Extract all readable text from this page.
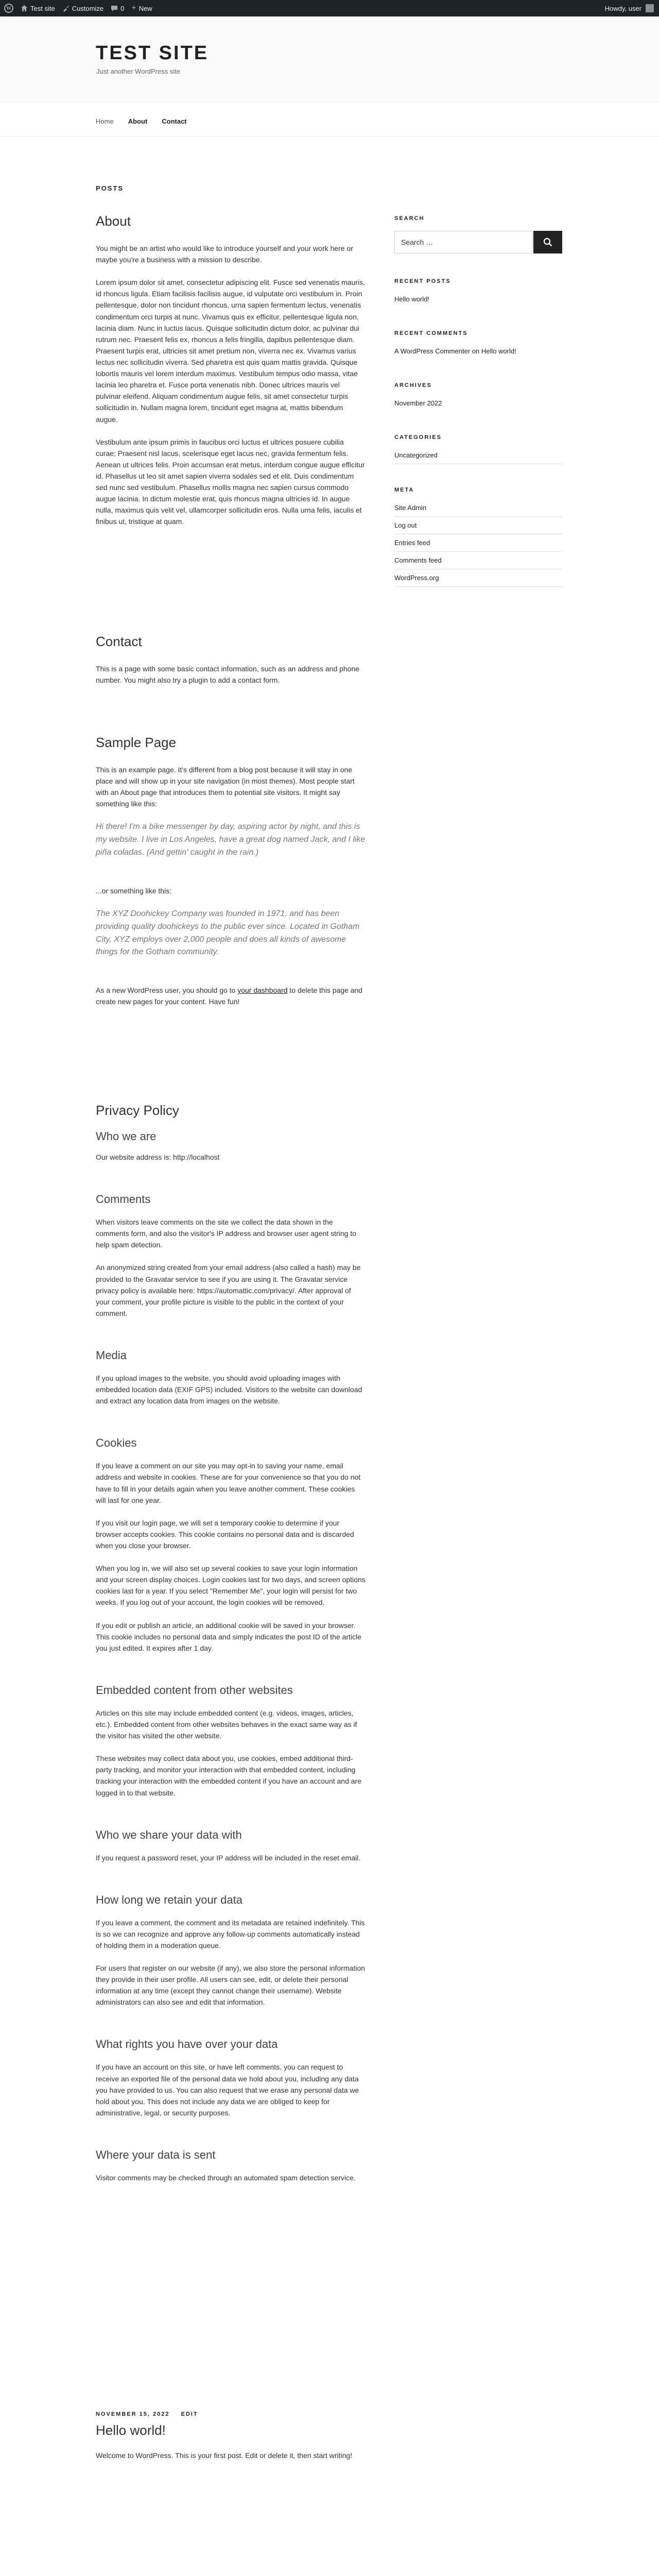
W	Test site	Customize	0 + New	Howdy, user
TEST SITE
Just another WordPress site
Home About Contact
POSTS
About

You might be an artist who would like to introduce yourself and your work here or maybe you're a business with a mission to describe.

Lorem ipsum dolor sit amet, consectetur adipiscing elit. Fusce sed venenatis mauris, id rhoncus ligula. Etiam facilisis facilisis augue, id vulputate orci vestibulum in. Proin pellentesque, dolor non tincidunt rhoncus, urna sapien fermentum lectus, venenatis condimentum orci turpis at nunc. Vivamus quis ex efficitur, pellentesque ligula non, lacinia diam. Nunc in luctus lacus. Quisque sollicitudin dictum dolor, ac pulvinar dui rutrum nec. Praesent felis ex, rhoncus a felis fringilla, dapibus pellentesque diam. Praesent turpis erat, ultricies sit amet pretium non, viverra nec ex. Vivamus varius lectus nec sollicitudin viverra. Sed pharetra est quis quam mattis gravida. Quisque lobortis mauris vel lorem interdum maximus. Vestibulum tempus odio massa, vitae lacinia leo pharetra et. Fusce porta venenatis nibh. Donec ultrices mauris vel pulvinar eleifend. Aliquam condimentum augue felis, sit amet consectetur turpis sollicitudin in. Nullam magna lorem, tincidunt eget magna at, mattis bibendum augue.

Vestibulum ante ipsum primis in faucibus orci luctus et ultrices posuere cubilia curae; Praesent nisl lacus, scelerisque eget lacus nec, gravida fermentum felis. Aenean ut ultrices felis. Proin accumsan erat metus, interdum congue augue efficitur id. Phasellus ut leo sit amet sapien viverra sodales sed et elit. Duis condimentum sed nunc sed vestibulum. Phasellus mollis magna nec sapien cursus commodo augue lacinia. In dictum molestie erat, quis rhoncus magna ultricies id. In augue nulla, maximus quis velit vel, ullamcorper sollicitudin eros. Nulla urna felis, iaculis et finibus ut, tristique at quam.

Contact

This is a page with some basic contact information, such as an address and phone number. You might also try a plugin to add a contact form.

Sample Page

This is an example page. It's different from a blog post because it will stay in one place and will show up in your site navigation (in most themes). Most people start with an About page that introduces them to potential site visitors. It might say something like this:

Hi there! I'm a bike messenger by day, aspiring actor by night, and this is my website. I live in Los Angeles, have a great dog named Jack, and I like piña coladas. (And gettin' caught in the rain.)

...or something like this:

The XYZ Doohickey Company was founded in 1971, and has been providing quality doohickeys to the public ever since. Located in Gotham City, XYZ employs over 2,000 people and does all kinds of awesome things for the Gotham community.

As a new WordPress user, you should go to your dashboard to delete this page and create new pages for your content. Have fun!

Privacy Policy
Who we are

Our website address is: http://localhost

Comments

When visitors leave comments on the site we collect the data shown in the comments form, and also the visitor's IP address and browser user agent string to help spam detection.

An anonymized string created from your email address (also called a hash) may be provided to the Gravatar service to see if you are using it. The Gravatar service privacy policy is available here: https://automattic.com/privacy/. After approval of your comment, your profile picture is visible to the public in the context of your comment.

Media

If you upload images to the website, you should avoid uploading images with embedded location data (EXIF GPS) included. Visitors to the website can download and extract any location data from images on the website.

Cookies

If you leave a comment on our site you may opt-in to saving your name, email address and website in cookies. These are for your convenience so that you do not have to fill in your details again when you leave another comment. These cookies will last for one year.

If you visit our login page, we will set a temporary cookie to determine if your browser accepts cookies. This cookie contains no personal data and is discarded when you close your browser.

When you log in, we will also set up several cookies to save your login information and your screen display choices. Login cookies last for two days, and screen options cookies last for a year. If you select "Remember Me", your login will persist for two weeks. If you log out of your account, the login cookies will be removed.

If you edit or publish an article, an additional cookie will be saved in your browser. This cookie includes no personal data and simply indicates the post ID of the article you just edited. It expires after 1 day.

Embedded content from other websites

Articles on this site may include embedded content (e.g. videos, images, articles, etc.). Embedded content from other websites behaves in the exact same way as if the visitor has visited the other website.

These websites may collect data about you, use cookies, embed additional third-party tracking, and monitor your interaction with that embedded content, including tracking your interaction with the embedded content if you have an account and are logged in to that website.

Who we share your data with

If you request a password reset, your IP address will be included in the reset email.

How long we retain your data

If you leave a comment, the comment and its metadata are retained indefinitely. This is so we can recognize and approve any follow-up comments automatically instead of holding them in a moderation queue.

For users that register on our website (if any), we also store the personal information they provide in their user profile. All users can see, edit, or delete their personal information at any time (except they cannot change their username). Website administrators can also see and edit that information.

What rights you have over your data

If you have an account on this site, or have left comments, you can request to receive an exported file of the personal data we hold about you, including any data you have provided to us. You can also request that we erase any personal data we hold about you. This does not include any data we are obliged to keep for administrative, legal, or security purposes.

Where your data is sent

Visitor comments may be checked through an automated spam detection service.

NOVEMBER 15, 2022 EDIT
Hello world!

Welcome to WordPress. This is your first post. Edit or delete it, then start writing!

SEARCH
Search …
RECENT POSTS
Hello world!
RECENT COMMENTS
A WordPress Commenter on Hello world!
ARCHIVES
November 2022
CATEGORIES
Uncategorized
META
Site Admin
Log out
Entries feed
Comments feed
WordPress.org
